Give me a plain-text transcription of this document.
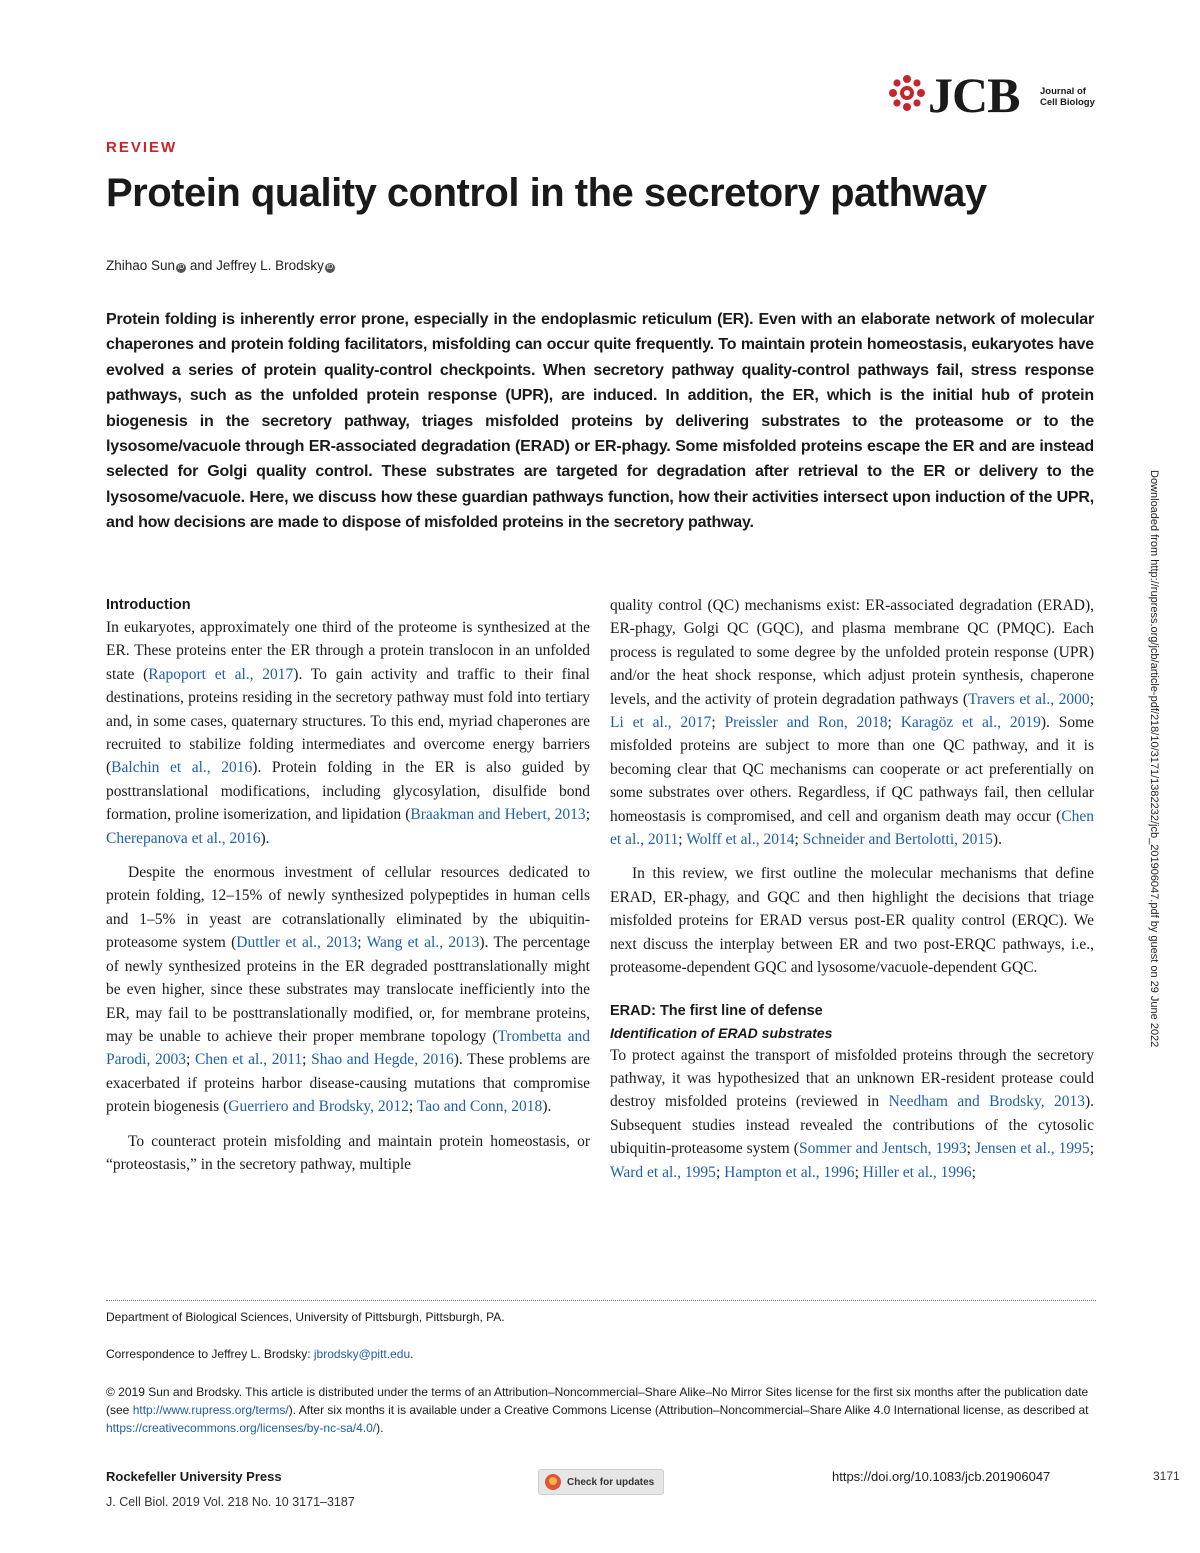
JCB Journal of
Cell Biology
REVIEW
Protein quality control in the secretory pathway
Zhihao Sun iD and Jeffrey L. Brodsky iD

Protein folding is inherently error prone, especially in the endoplasmic reticulum (ER). Even with an elaborate network of molecular chaperones and protein folding facilitators, misfolding can occur quite frequently. To maintain protein homeostasis, eukaryotes have evolved a series of protein quality-control checkpoints. When secretory pathway quality-control pathways fail, stress response pathways, such as the unfolded protein response (UPR), are induced. In addition, the ER, which is the initial hub of protein biogenesis in the secretory pathway, triages misfolded proteins by delivering substrates to the proteasome or to the lysosome/vacuole through ER-associated degradation (ERAD) or ER-phagy. Some misfolded proteins escape the ER and are instead selected for Golgi quality control. These substrates are targeted for degradation after retrieval to the ER or delivery to the lysosome/vacuole. Here, we discuss how these guardian pathways function, how their activities intersect upon induction of the UPR, and how decisions are made to dispose of misfolded proteins in the secretory pathway.

Introduction

In eukaryotes, approximately one third of the proteome is synthesized at the ER. These proteins enter the ER through a protein translocon in an unfolded state (Rapoport et al., 2017). To gain activity and traffic to their final destinations, proteins residing in the secretory pathway must fold into tertiary and, in some cases, quaternary structures. To this end, myriad chaperones are recruited to stabilize folding intermediates and overcome energy barriers (Balchin et al., 2016). Protein folding in the ER is also guided by posttranslational modifications, including glycosylation, disulfide bond formation, proline isomerization, and lipidation (Braakman and Hebert, 2013; Cherepanova et al., 2016).

Despite the enormous investment of cellular resources dedicated to protein folding, 12–15% of newly synthesized polypeptides in human cells and 1–5% in yeast are cotranslationally eliminated by the ubiquitin-proteasome system (Duttler et al., 2013; Wang et al., 2013). The percentage of newly synthesized proteins in the ER degraded posttranslationally might be even higher, since these substrates may translocate inefficiently into the ER, may fail to be posttranslationally modified, or, for membrane proteins, may be unable to achieve their proper membrane topology (Trombetta and Parodi, 2003; Chen et al., 2011; Shao and Hegde, 2016). These problems are exacerbated if proteins harbor disease-causing mutations that compromise protein biogenesis (Guerriero and Brodsky, 2012; Tao and Conn, 2018).

To counteract protein misfolding and maintain protein homeostasis, or “proteostasis,” in the secretory pathway, multiple

quality control (QC) mechanisms exist: ER-associated degradation (ERAD), ER-phagy, Golgi QC (GQC), and plasma membrane QC (PMQC). Each process is regulated to some degree by the unfolded protein response (UPR) and/or the heat shock response, which adjust protein synthesis, chaperone levels, and the activity of protein degradation pathways (Travers et al., 2000; Li et al., 2017; Preissler and Ron, 2018; Karagöz et al., 2019). Some misfolded proteins are subject to more than one QC pathway, and it is becoming clear that QC mechanisms can cooperate or act preferentially on some substrates over others. Regardless, if QC pathways fail, then cellular homeostasis is compromised, and cell and organism death may occur (Chen et al., 2011; Wolff et al., 2014; Schneider and Bertolotti, 2015).

In this review, we first outline the molecular mechanisms that define ERAD, ER-phagy, and GQC and then highlight the decisions that triage misfolded proteins for ERAD versus post-ER quality control (ERQC). We next discuss the interplay between ER and two post-ERQC pathways, i.e., proteasome-dependent GQC and lysosome/vacuole-dependent GQC.

ERAD: The first line of defense

Identification of ERAD substrates

To protect against the transport of misfolded proteins through the secretory pathway, it was hypothesized that an unknown ER-resident protease could destroy misfolded proteins (reviewed in Needham and Brodsky, 2013). Subsequent studies instead revealed the contributions of the cytosolic ubiquitin-proteasome system (Sommer and Jentsch, 1993; Jensen et al., 1995; Ward et al., 1995; Hampton et al., 1996; Hiller et al., 1996;

Department of Biological Sciences, University of Pittsburgh, Pittsburgh, PA.

Correspondence to Jeffrey L. Brodsky: jbrodsky@pitt.edu.

© 2019 Sun and Brodsky. This article is distributed under the terms of an Attribution–Noncommercial–Share Alike–No Mirror Sites license for the first six months after the publication date (see http://www.rupress.org/terms/). After six months it is available under a Creative Commons License (Attribution–Noncommercial–Share Alike 4.0 International license, as described at https://creativecommons.org/licenses/by-nc-sa/4.0/).

Rockefeller University Press
J. Cell Biol. 2019 Vol. 218 No. 10 3171–3187
Check for updates	https://doi.org/10.1083/jcb.201906047	3171
Downloaded from http://rupress.org/jcb/article-pdf/218/10/3171/1382232/jcb_201906047.pdf by guest on 29 June 2022
